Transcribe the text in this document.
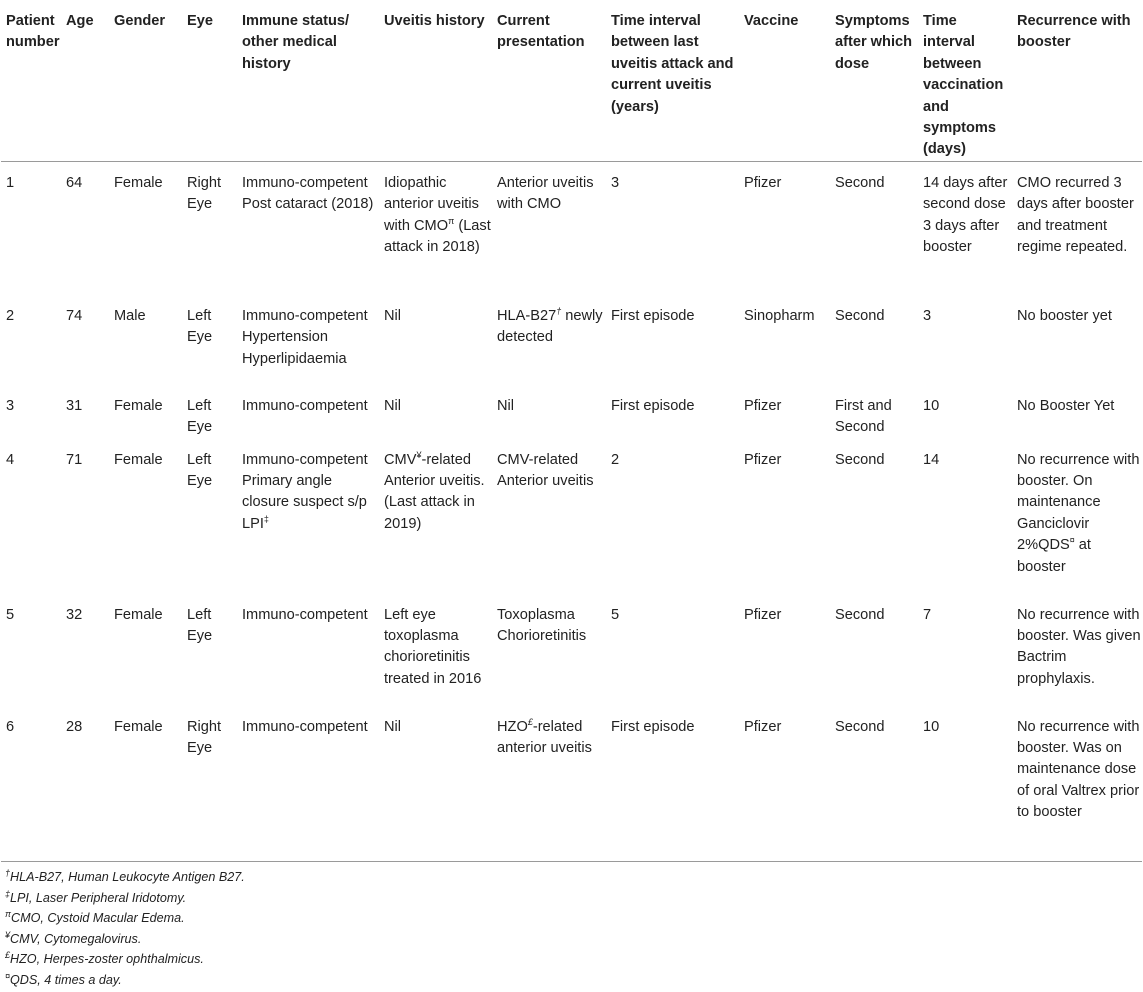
Patient number	Age	Gender	Eye	Immune status/ other medical history	Uveitis history	Current presentation	Time interval between last uveitis attack and current uveitis (years)	Vaccine	Symptoms after which dose	Time interval between vaccination and symptoms (days)	Recurrence with booster
1	64	Female	Right Eye	Immuno-competent Post cataract (2018)	Idiopathic anterior uveitis with $CMO^\pi$ (Last attack in 2018)	Anterior uveitis with CMO	3	Pfizer	Second	14 days after second dose 3 days after booster	CMO recurred 3 days after booster and treatment regime repeated.
2	74	Male	Left Eye	Immuno-competent Hypertension Hyperlipidaemia	Nil	HLA-B27† newly detected	First episode	Sinopharm	Second	3	No booster yet
3	31	Female	Left Eye	Immuno-competent	Nil	Nil	First episode	Pfizer	First and Second	10	No Booster Yet
4	71	Female	Left Eye	Immuno-competent Primary angle closure suspect s/p LPI‡	CMV¥-related Anterior uveitis. (Last attack in 2019)	CMV-related Anterior uveitis	2	Pfizer	Second	14	No recurrence with booster. On maintenance Ganciclovir 2%QDS¤ at booster
5	32	Female	Left Eye	Immuno-competent	Left eye toxoplasma chorioretinitis treated in 2016	Toxoplasma Chorioretinitis	5	Pfizer	Second	7	No recurrence with booster. Was given Bactrim prophylaxis.
6	28	Female	Right Eye	Immuno-competent	Nil	HZO£-related anterior uveitis	First episode	Pfizer	Second	10	No recurrence with booster. Was on maintenance dose of oral Valtrex prior to booster
†HLA-B27, Human Leukocyte Antigen B27.
‡LPI, Laser Peripheral Iridotomy.
$^\pi$CMO, Cystoid Macular Edema.
¥CMV, Cytomegalovirus.
£HZO, Herpes-zoster ophthalmicus.
¤QDS, 4 times a day.
